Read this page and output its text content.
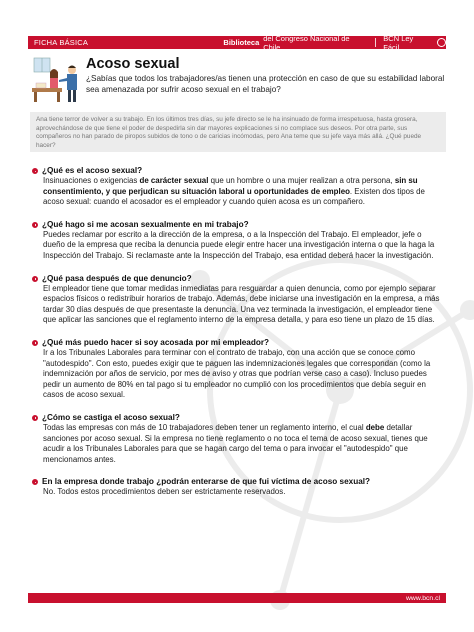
FICHA BÁSICA	Biblioteca del Congreso Nacional de Chile
BCN Ley Fácil
Acoso sexual
¿Sabías que todos los trabajadores/as tienen una protección en caso de que su estabilidad laboral sea amenazada por sufrir acoso sexual en el trabajo?
Ana tiene terror de volver a su trabajo. En los últimos tres días, su jefe directo se le ha insinuado de forma irrespetuosa, hasta grosera, aprovechándose de que tiene el poder de despedirla sin dar mayores explicaciones si no complace sus deseos. Por otra parte, sus compañeros no han parado de piropos subidos de tono o de caricias incómodas, pero Ana teme que su jefe vaya más allá. ¿Qué puede hacer?
¿Qué es el acoso sexual?
Insinuaciones o exigencias de carácter sexual que un hombre o una mujer realizan a otra persona, sin su consentimiento, y que perjudican su situación laboral u oportunidades de empleo. Existen dos tipos de acoso sexual: cuando el acosador es el empleador y cuando quien acosa es un compañero.
¿Qué hago si me acosan sexualmente en mi trabajo?
Puedes reclamar por escrito a la dirección de la empresa, o a la Inspección del Trabajo. El empleador, jefe o dueño de la empresa que reciba la denuncia puede elegir entre hacer una investigación interna o que la haga la Inspección del Trabajo. Si reclamaste ante la Inspección del Trabajo, esa entidad deberá hacer la investigación.
¿Qué pasa después de que denuncio?
El empleador tiene que tomar medidas inmediatas para resguardar a quien denuncia, como por ejemplo separar espacios físicos o redistribuir horarios de trabajo. Además, debe iniciarse una investigación en la empresa, a más tardar 30 días después de que presentaste la denuncia. Una vez terminada la investigación, el empleador tiene que aplicar las sanciones que el reglamento interno de la empresa detalla, y para eso tiene un plazo de 15 días.
¿Qué más puedo hacer si soy acosada por mi empleador?
Ir a los Tribunales Laborales para terminar con el contrato de trabajo, con una acción que se conoce como "autodespido". Con esto, puedes exigir que te paguen las indemnizaciones legales que correspondan (como la indemnización por años de servicio, por mes de aviso y otras que podrían verse caso a caso). Incluso puedes pedir un aumento de 80% en tal pago si tu empleador no cumplió con los procedimientos que debía seguir en casos de acoso sexual.
¿Cómo se castiga el acoso sexual?
Todas las empresas con más de 10 trabajadores deben tener un reglamento interno, el cual debe detallar sanciones por acoso sexual. Si la empresa no tiene reglamento o no toca el tema de acoso sexual, tienes que acudir a los Tribunales Laborales para que se hagan cargo del tema o para invocar el "autodespido" que mencionamos antes.
En la empresa donde trabajo ¿podrán enterarse de que fui víctima de acoso sexual?
No. Todos estos procedimientos deben ser estrictamente reservados.
www.bcn.cl
